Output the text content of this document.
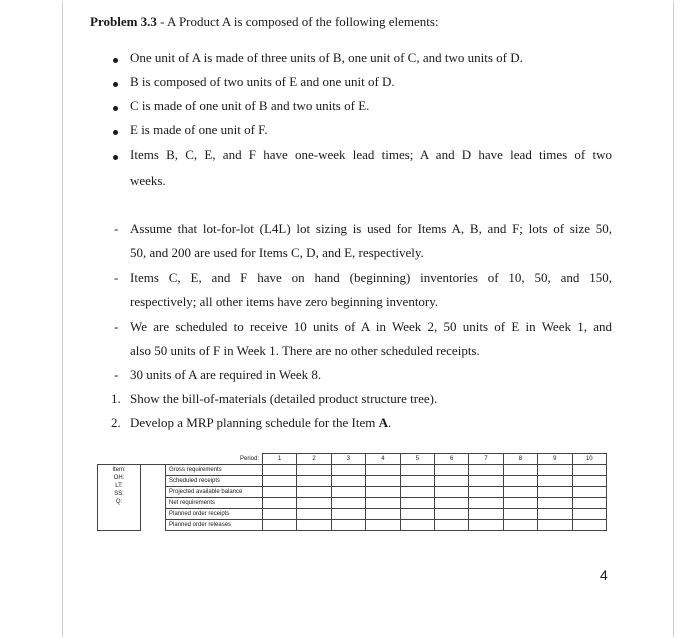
Problem 3.3 - A Product A is composed of the following elements:
One unit of A is made of three units of B, one unit of C, and two units of D.
B is composed of two units of E and one unit of D.
C is made of one unit of B and two units of E.
E is made of one unit of F.
Items B, C, E, and F have one-week lead times; A and D have lead times of two
weeks.
- Assume that lot-for-lot (L4L) lot sizing is used for Items A, B, and F; lots of size 50,
50, and 200 are used for Items C, D, and E, respectively.
- Items C, E, and F have on hand (beginning) inventories of 10, 50, and 150,
respectively; all other items have zero beginning inventory.
- We are scheduled to receive 10 units of A in Week 2, 50 units of E in Week 1, and
also 50 units of F in Week 1. There are no other scheduled receipts.
- 30 units of A are required in Week 8.
1. Show the bill-of-materials (detailed product structure tree).
2. Develop a MRP planning schedule for the Item A.
		Period:	1	2	3	4	5	6	7	8	9	10

Item:
OH:
LT:
SS:
Q:		Gross requirements										
		Scheduled receipts										
		Projected available balance										
		Net requirements										
		Planned order receipts										
		Planned order releases										
4
